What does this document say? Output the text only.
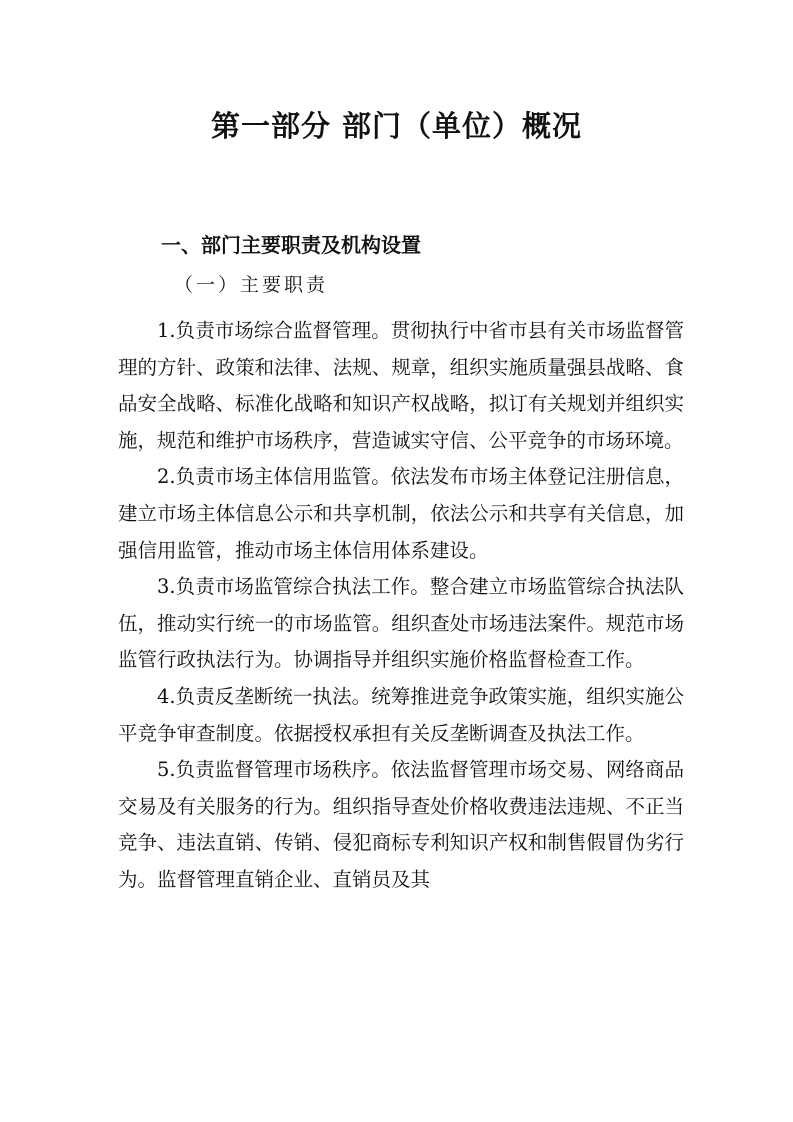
第一部分 部门（单位）概况
一、部门主要职责及机构设置
（一）主要职责

1.负责市场综合监督管理。贯彻执行中省市县有关市场监督管理的方针、政策和法律、法规、规章，组织实施质量强县战略、食品安全战略、标准化战略和知识产权战略，拟订有关规划并组织实施，规范和维护市场秩序，营造诚实守信、公平竞争的市场环境。

2.负责市场主体信用监管。依法发布市场主体登记注册信息，建立市场主体信息公示和共享机制，依法公示和共享有关信息，加强信用监管，推动市场主体信用体系建设。

3.负责市场监管综合执法工作。整合建立市场监管综合执法队伍，推动实行统一的市场监管。组织查处市场违法案件。规范市场监管行政执法行为。协调指导并组织实施价格监督检查工作。

4.负责反垄断统一执法。统筹推进竞争政策实施，组织实施公平竞争审查制度。依据授权承担有关反垄断调查及执法工作。

5.负责监督管理市场秩序。依法监督管理市场交易、网络商品交易及有关服务的行为。组织指导查处价格收费违法违规、不正当竞争、违法直销、传销、侵犯商标专利知识产权和制售假冒伪劣行为。监督管理直销企业、直销员及其
